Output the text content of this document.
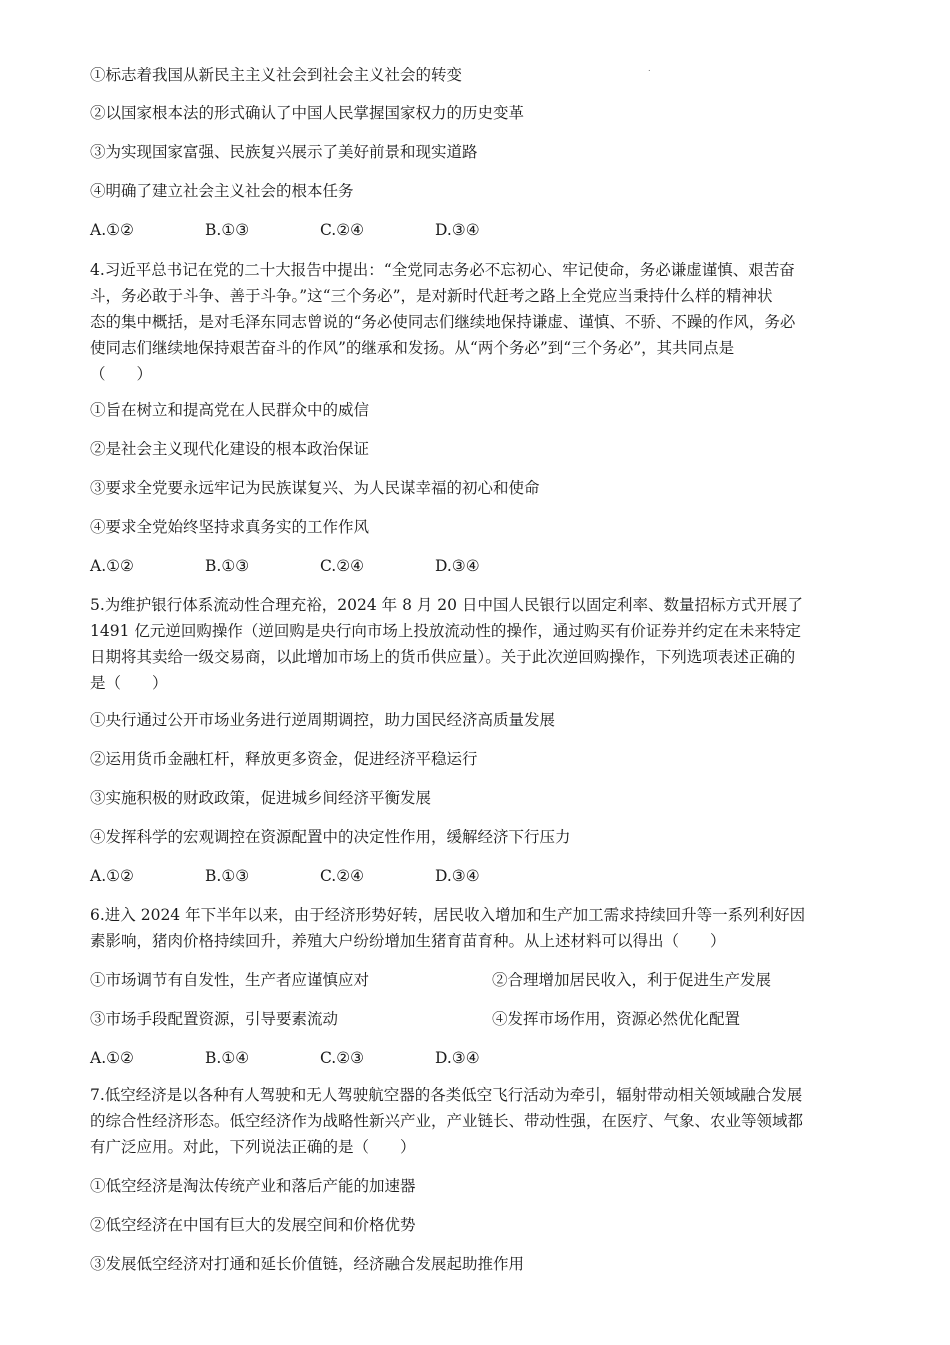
.
①标志着我国从新民主主义社会到社会主义社会的转变
②以国家根本法的形式确认了中国人民掌握国家权力的历史变革
③为实现国家富强、民族复兴展示了美好前景和现实道路
④明确了建立社会主义社会的根本任务
A.①②	B.①③	C.②④	D.③④
4.习近平总书记在党的二十大报告中提出：“全党同志务必不忘初心、牢记使命，务必谦虚谨慎、艰苦奋
斗，务必敢于斗争、善于斗争。”这“三个务必”，是对新时代赶考之路上全党应当秉持什么样的精神状
态的集中概括，是对毛泽东同志曾说的“务必使同志们继续地保持谦虚、谨慎、不骄、不躁的作风，务必
使同志们继续地保持艰苦奋斗的作风”的继承和发扬。从“两个务必”到“三个务必”，其共同点是
（　　）
①旨在树立和提高党在人民群众中的威信
②是社会主义现代化建设的根本政治保证
③要求全党要永远牢记为民族谋复兴、为人民谋幸福的初心和使命
④要求全党始终坚持求真务实的工作作风
A.①②	B.①③	C.②④	D.③④
5.为维护银行体系流动性合理充裕，2024 年 8 月 20 日中国人民银行以固定利率、数量招标方式开展了
1491 亿元逆回购操作（逆回购是央行向市场上投放流动性的操作，通过购买有价证券并约定在未来特定
日期将其卖给一级交易商，以此增加市场上的货币供应量）。关于此次逆回购操作，下列选项表述正确的
是（　　）
①央行通过公开市场业务进行逆周期调控，助力国民经济高质量发展
②运用货币金融杠杆，释放更多资金，促进经济平稳运行
③实施积极的财政政策，促进城乡间经济平衡发展
④发挥科学的宏观调控在资源配置中的决定性作用，缓解经济下行压力
A.①②	B.①③	C.②④	D.③④
6.进入 2024 年下半年以来，由于经济形势好转，居民收入增加和生产加工需求持续回升等一系列利好因
素影响，猪肉价格持续回升，养殖大户纷纷增加生猪育苗育种。从上述材料可以得出（　　）
①市场调节有自发性，生产者应谨慎应对	②合理增加居民收入，利于促进生产发展
③市场手段配置资源，引导要素流动	④发挥市场作用，资源必然优化配置
A.①②	B.①④	C.②③	D.③④
7.低空经济是以各种有人驾驶和无人驾驶航空器的各类低空飞行活动为牵引，辐射带动相关领域融合发展
的综合性经济形态。低空经济作为战略性新兴产业，产业链长、带动性强，在医疗、气象、农业等领域都
有广泛应用。对此，下列说法正确的是（　　）
①低空经济是淘汰传统产业和落后产能的加速器
②低空经济在中国有巨大的发展空间和价格优势
③发展低空经济对打通和延长价值链，经济融合发展起助推作用
